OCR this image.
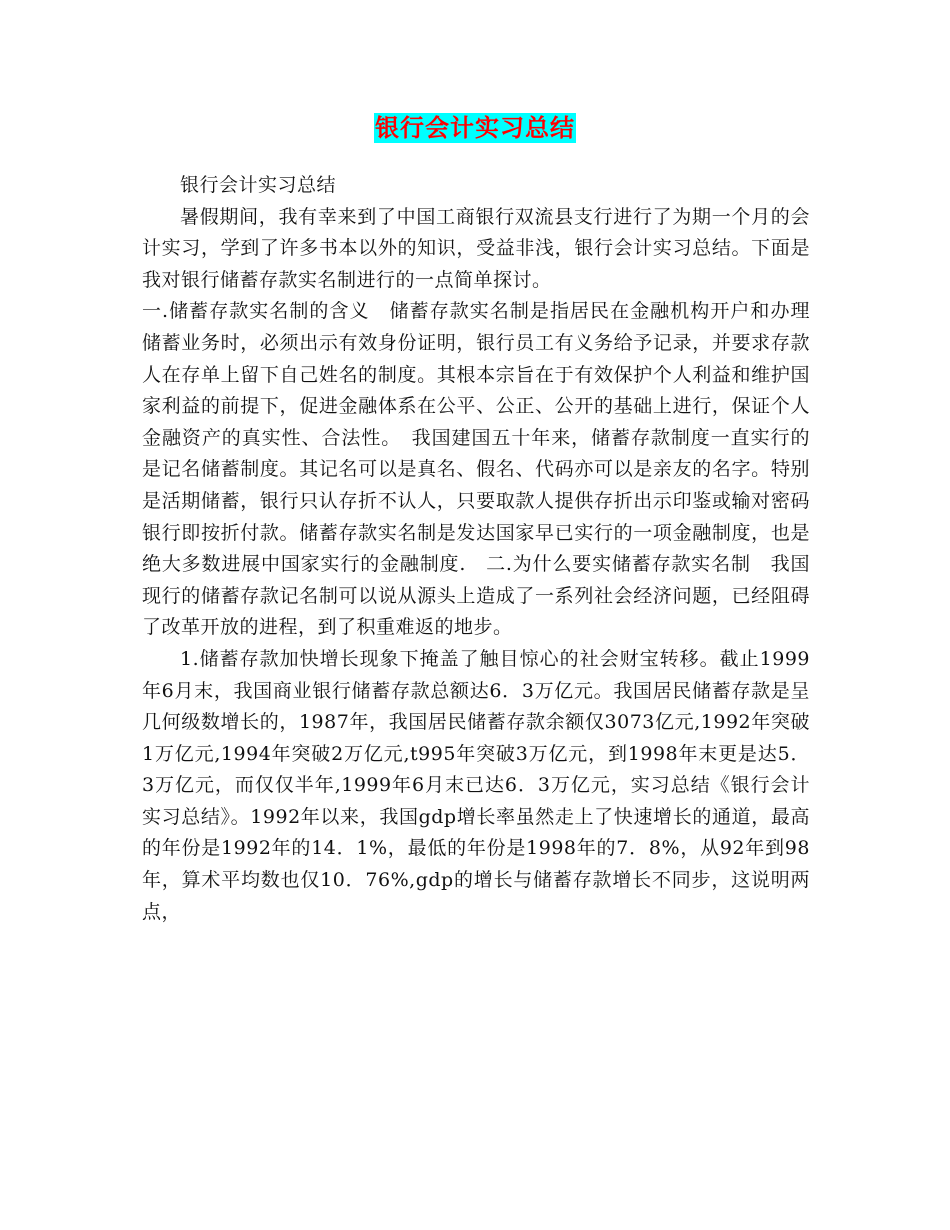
银行会计实习总结

银行会计实习总结

暑假期间，我有幸来到了中国工商银行双流县支行进行了为期一个月的会计实习，学到了许多书本以外的知识，受益非浅，银行会计实习总结。下面是我对银行储蓄存款实名制进行的一点简单探讨。

一.储蓄存款实名制的含义　储蓄存款实名制是指居民在金融机构开户和办理储蓄业务时，必须出示有效身份证明，银行员工有义务给予记录，并要求存款人在存单上留下自己姓名的制度。其根本宗旨在于有效保护个人利益和维护国家利益的前提下，促进金融体系在公平、公正、公开的基础上进行，保证个人金融资产的真实性、合法性。　我国建国五十年来，储蓄存款制度一直实行的是记名储蓄制度。其记名可以是真名、假名、代码亦可以是亲友的名字。特别是活期储蓄，银行只认存折不认人，只要取款人提供存折出示印鉴或输对密码银行即按折付款。储蓄存款实名制是发达国家早已实行的一项金融制度，也是绝大多数进展中国家实行的金融制度.　二.为什么要实储蓄存款实名制　我国现行的储蓄存款记名制可以说从源头上造成了一系列社会经济问题，已经阻碍了改革开放的进程，到了积重难返的地步。

1.储蓄存款加快增长现象下掩盖了触目惊心的社会财宝转移。截止1999年6月末，我国商业银行储蓄存款总额达6．3万亿元。我国居民储蓄存款是呈几何级数增长的，1987年，我国居民储蓄存款余额仅3073亿元,1992年突破1万亿元,1994年突破2万亿元,t995年突破3万亿元，到1998年末更是达5．3万亿元，而仅仅半年,1999年6月末已达6．3万亿元，实习总结《银行会计实习总结》。1992年以来，我国gdp增长率虽然走上了快速增长的通道，最高的年份是1992年的14．1%，最低的年份是1998年的7．8%，从92年到98年，算术平均数也仅10．76%,gdp的增长与储蓄存款增长不同步，这说明两点，
